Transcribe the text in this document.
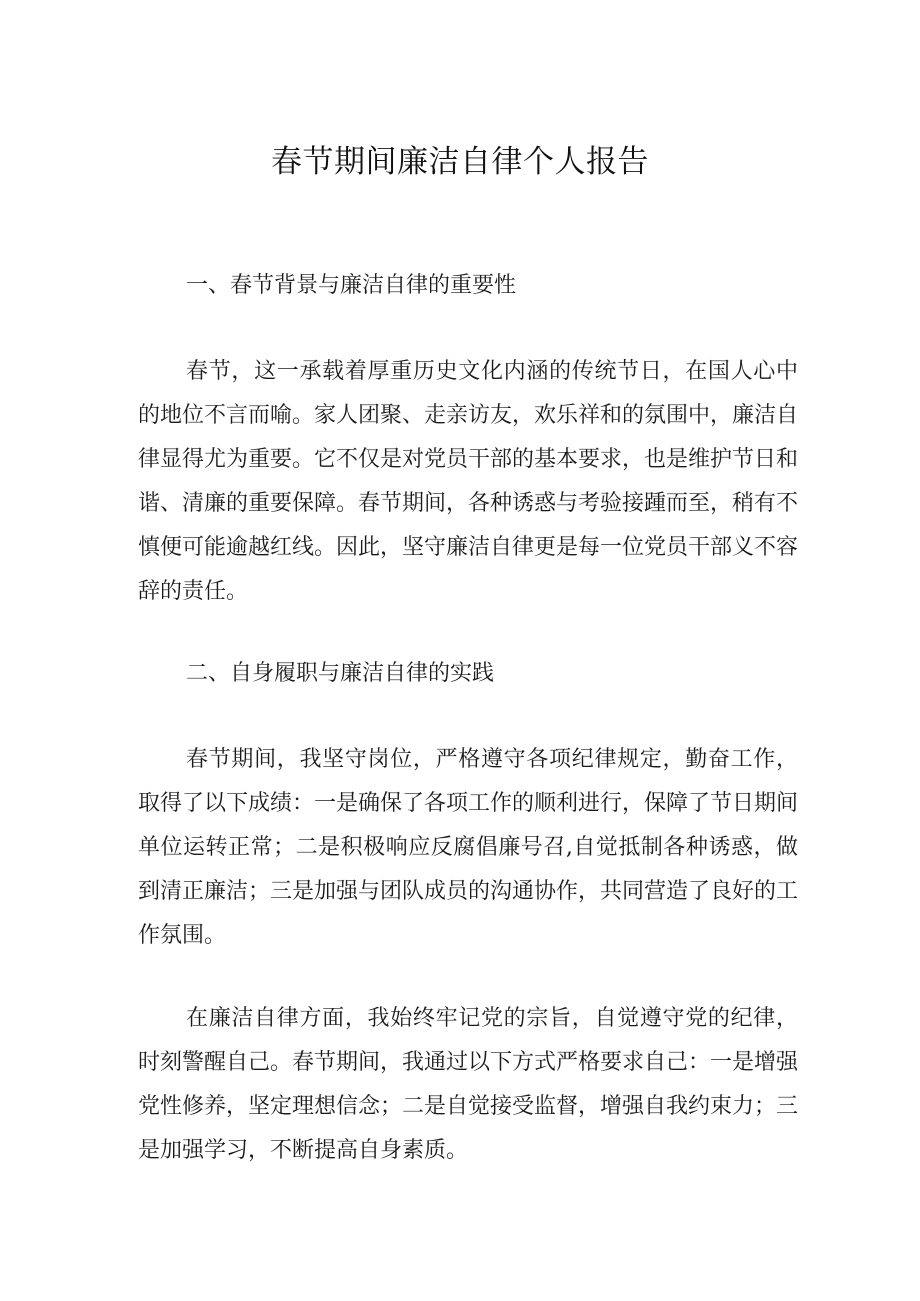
春节期间廉洁自律个人报告

一、春节背景与廉洁自律的重要性

春节，这一承载着厚重历史文化内涵的传统节日，在国人心中的地位不言而喻。家人团聚、走亲访友，欢乐祥和的氛围中，廉洁自律显得尤为重要。它不仅是对党员干部的基本要求，也是维护节日和谐、清廉的重要保障。春节期间，各种诱惑与考验接踵而至，稍有不慎便可能逾越红线。因此，坚守廉洁自律更是每一位党员干部义不容辞的责任。

二、自身履职与廉洁自律的实践

春节期间，我坚守岗位，严格遵守各项纪律规定，勤奋工作，取得了以下成绩：一是确保了各项工作的顺利进行，保障了节日期间单位运转正常；二是积极响应反腐倡廉号召,自觉抵制各种诱惑，做到清正廉洁；三是加强与团队成员的沟通协作，共同营造了良好的工作氛围。

在廉洁自律方面，我始终牢记党的宗旨，自觉遵守党的纪律，时刻警醒自己。春节期间，我通过以下方式严格要求自己：一是增强党性修养，坚定理想信念；二是自觉接受监督，增强自我约束力；三是加强学习，不断提高自身素质。
